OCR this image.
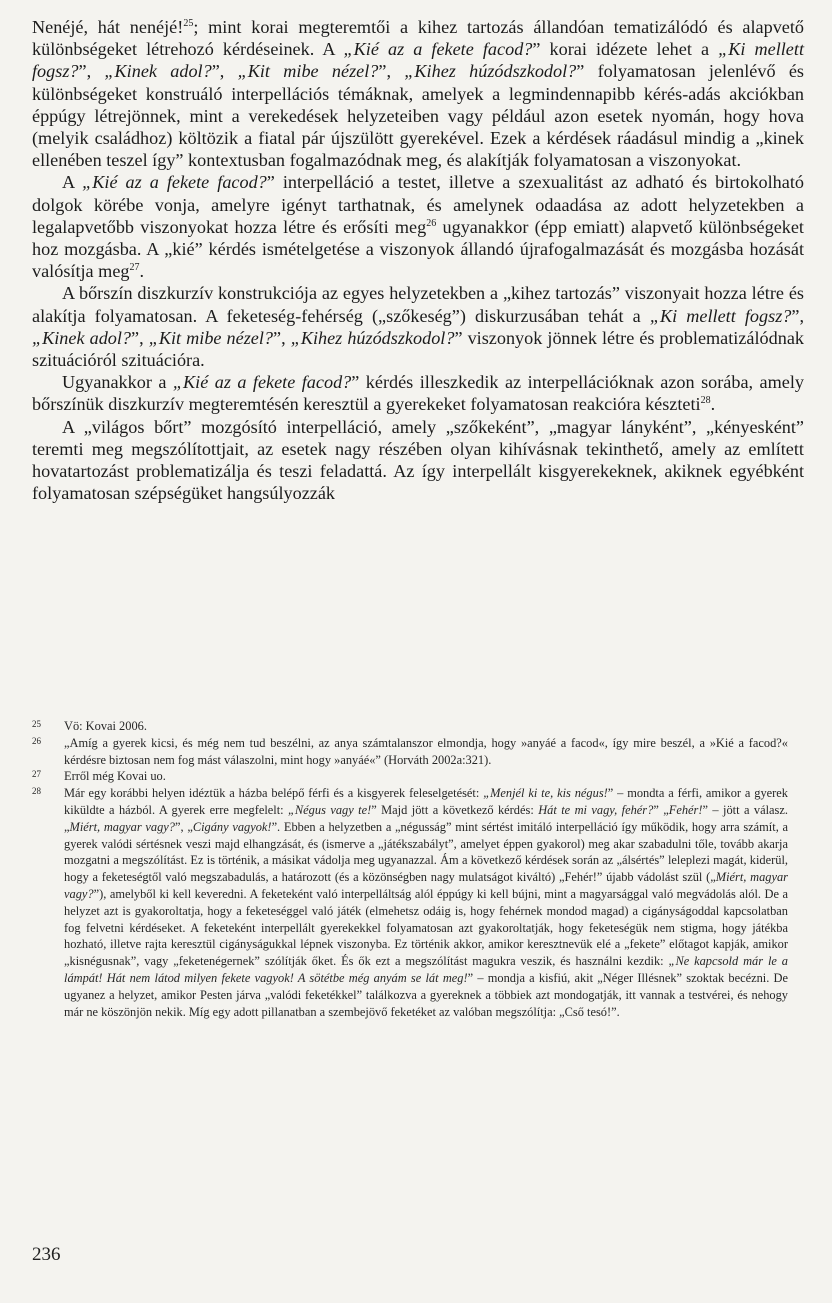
Nenéjé, hát nenéjé!$^{25}$; mint korai megteremtői a kihez tartozás állandóan tematizálódó és alapvető különbségeket létrehozó kérdéseinek. A „Kié az a fekete facod?” korai idézete lehet a „Ki mellett fogsz?”, „Kinek adol?”, „Kit mibe nézel?”, „Kihez húzódszkodol?” folyamatosan jelenlévő és különbségeket konstruáló interpellációs témáknak, amelyek a legmindennapibb kérés-adás akciókban éppúgy létrejönnek, mint a verekedések helyzeteiben vagy például azon esetek nyomán, hogy hova (melyik családhoz) költözik a fiatal pár újszülött gyerekével. Ezek a kérdések ráadásul mindig a „kinek ellenében teszel így” kontextusban fogalmazódnak meg, és alakítják folyamatosan a viszonyokat.

A „Kié az a fekete facod?” interpelláció a testet, illetve a szexualitást az adható és birtokolható dolgok körébe vonja, amelyre igényt tarthatnak, és amelynek odaadása az adott helyzetekben a legalapvetőbb viszonyokat hozza létre és erősíti meg$^{26}$ ugyanakkor (épp emiatt) alapvető különbségeket hoz mozgásba. A „kié” kérdés ismételgetése a viszonyok állandó újrafogalmazását és mozgásba hozását valósítja meg$^{27}$.

A bőrszín diszkurzív konstrukciója az egyes helyzetekben a „kihez tartozás” viszonyait hozza létre és alakítja folyamatosan. A feketeség-fehérség („szőkeség”) diskurzusában tehát a „Ki mellett fogsz?”, „Kinek adol?”, „Kit mibe nézel?”, „Kihez húzódszkodol?” viszonyok jönnek létre és problematizálódnak szituációról szituációra.

Ugyanakkor a „Kié az a fekete facod?” kérdés illeszkedik az interpellációknak azon sorába, amely bőrszínük diszkurzív megteremtésén keresztül a gyerekeket folyamatosan reakcióra készteti$^{28}$.

A „világos bőrt” mozgósító interpelláció, amely „szőkeként”, „magyar lányként”, „kényesként” teremti meg megszólítottjait, az esetek nagy részében olyan kihívásnak tekinthető, amely az említett hovatartozást problematizálja és teszi feladattá. Az így interpellált kisgyerekeknek, akiknek egyébként folyamatosan szépségüket hangsúlyozzák

25 Vö: Kovai 2006.
26 „Amíg a gyerek kicsi, és még nem tud beszélni, az anya számtalanszor elmondja, hogy »anyáé a facod«, így mire beszél, a »Kié a facod?« kérdésre biztosan nem fog mást válaszolni, mint hogy »anyáé«” (Horváth 2002a:321).
27 Erről még Kovai uo.
28 Már egy korábbi helyen idéztük a házba belépő férfi és a kisgyerek feleselgetését: „Menjél ki te, kis négus!” – mondta a férfi, amikor a gyerek kiküldte a házból. A gyerek erre megfelelt: „Négus vagy te!” Majd jött a következő kérdés: Hát te mi vagy, fehér?” „Fehér!” – jött a válasz. „Miért, magyar vagy?”, „Cigány vagyok!”. Ebben a helyzetben a „négusság” mint sértést imitáló interpelláció így működik, hogy arra számít, a gyerek valódi sértésnek veszi majd elhangzását, és (ismerve a „játékszabályt”, amelyet éppen gyakorol) meg akar szabadulni tőle, tovább akarja mozgatni a megszólítást. Ez is történik, a másikat vádolja meg ugyanazzal. Ám a következő kérdések során az „álsértés” leleplezi magát, kiderül, hogy a feketeségtől való megszabadulás, a határozott (és a közönségben nagy mulatságot kiváltó) „Fehér!” újabb vádolást szül („Miért, magyar vagy?”), amelyből ki kell keveredni. A feketeként való interpelláltság alól éppúgy ki kell bújni, mint a magyarsággal való megvádolás alól. De a helyzet azt is gyakoroltatja, hogy a feketeséggel való játék (elmehetsz odáig is, hogy fehérnek mondod magad) a cigányságoddal kapcsolatban fog felvetni kérdéseket. A feketeként interpellált gyerekekkel folyamatosan azt gyakoroltatják, hogy feketeségük nem stigma, hogy játékba hozható, illetve rajta keresztül cigányságukkal lépnek viszonyba. Ez történik akkor, amikor keresztnevük elé a „fekete” előtagot kapják, amikor „kisnégusnak”, vagy „feketenégernek” szólítják őket. És ők ezt a megszólítást magukra veszik, és használni kezdik: „Ne kapcsold már le a lámpát! Hát nem látod milyen fekete vagyok! A sötétbe még anyám se lát meg!” – mondja a kisfiú, akit „Néger Illésnek” szoktak becézni. De ugyanez a helyzet, amikor Pesten járva „valódi feketékkel” találkozva a gyereknek a többiek azt mondogatják, itt vannak a testvérei, és nehogy már ne köszönjön nekik. Míg egy adott pillanatban a szembejövő feketéket az valóban megszólítja: „Cső tesó!”.
236
